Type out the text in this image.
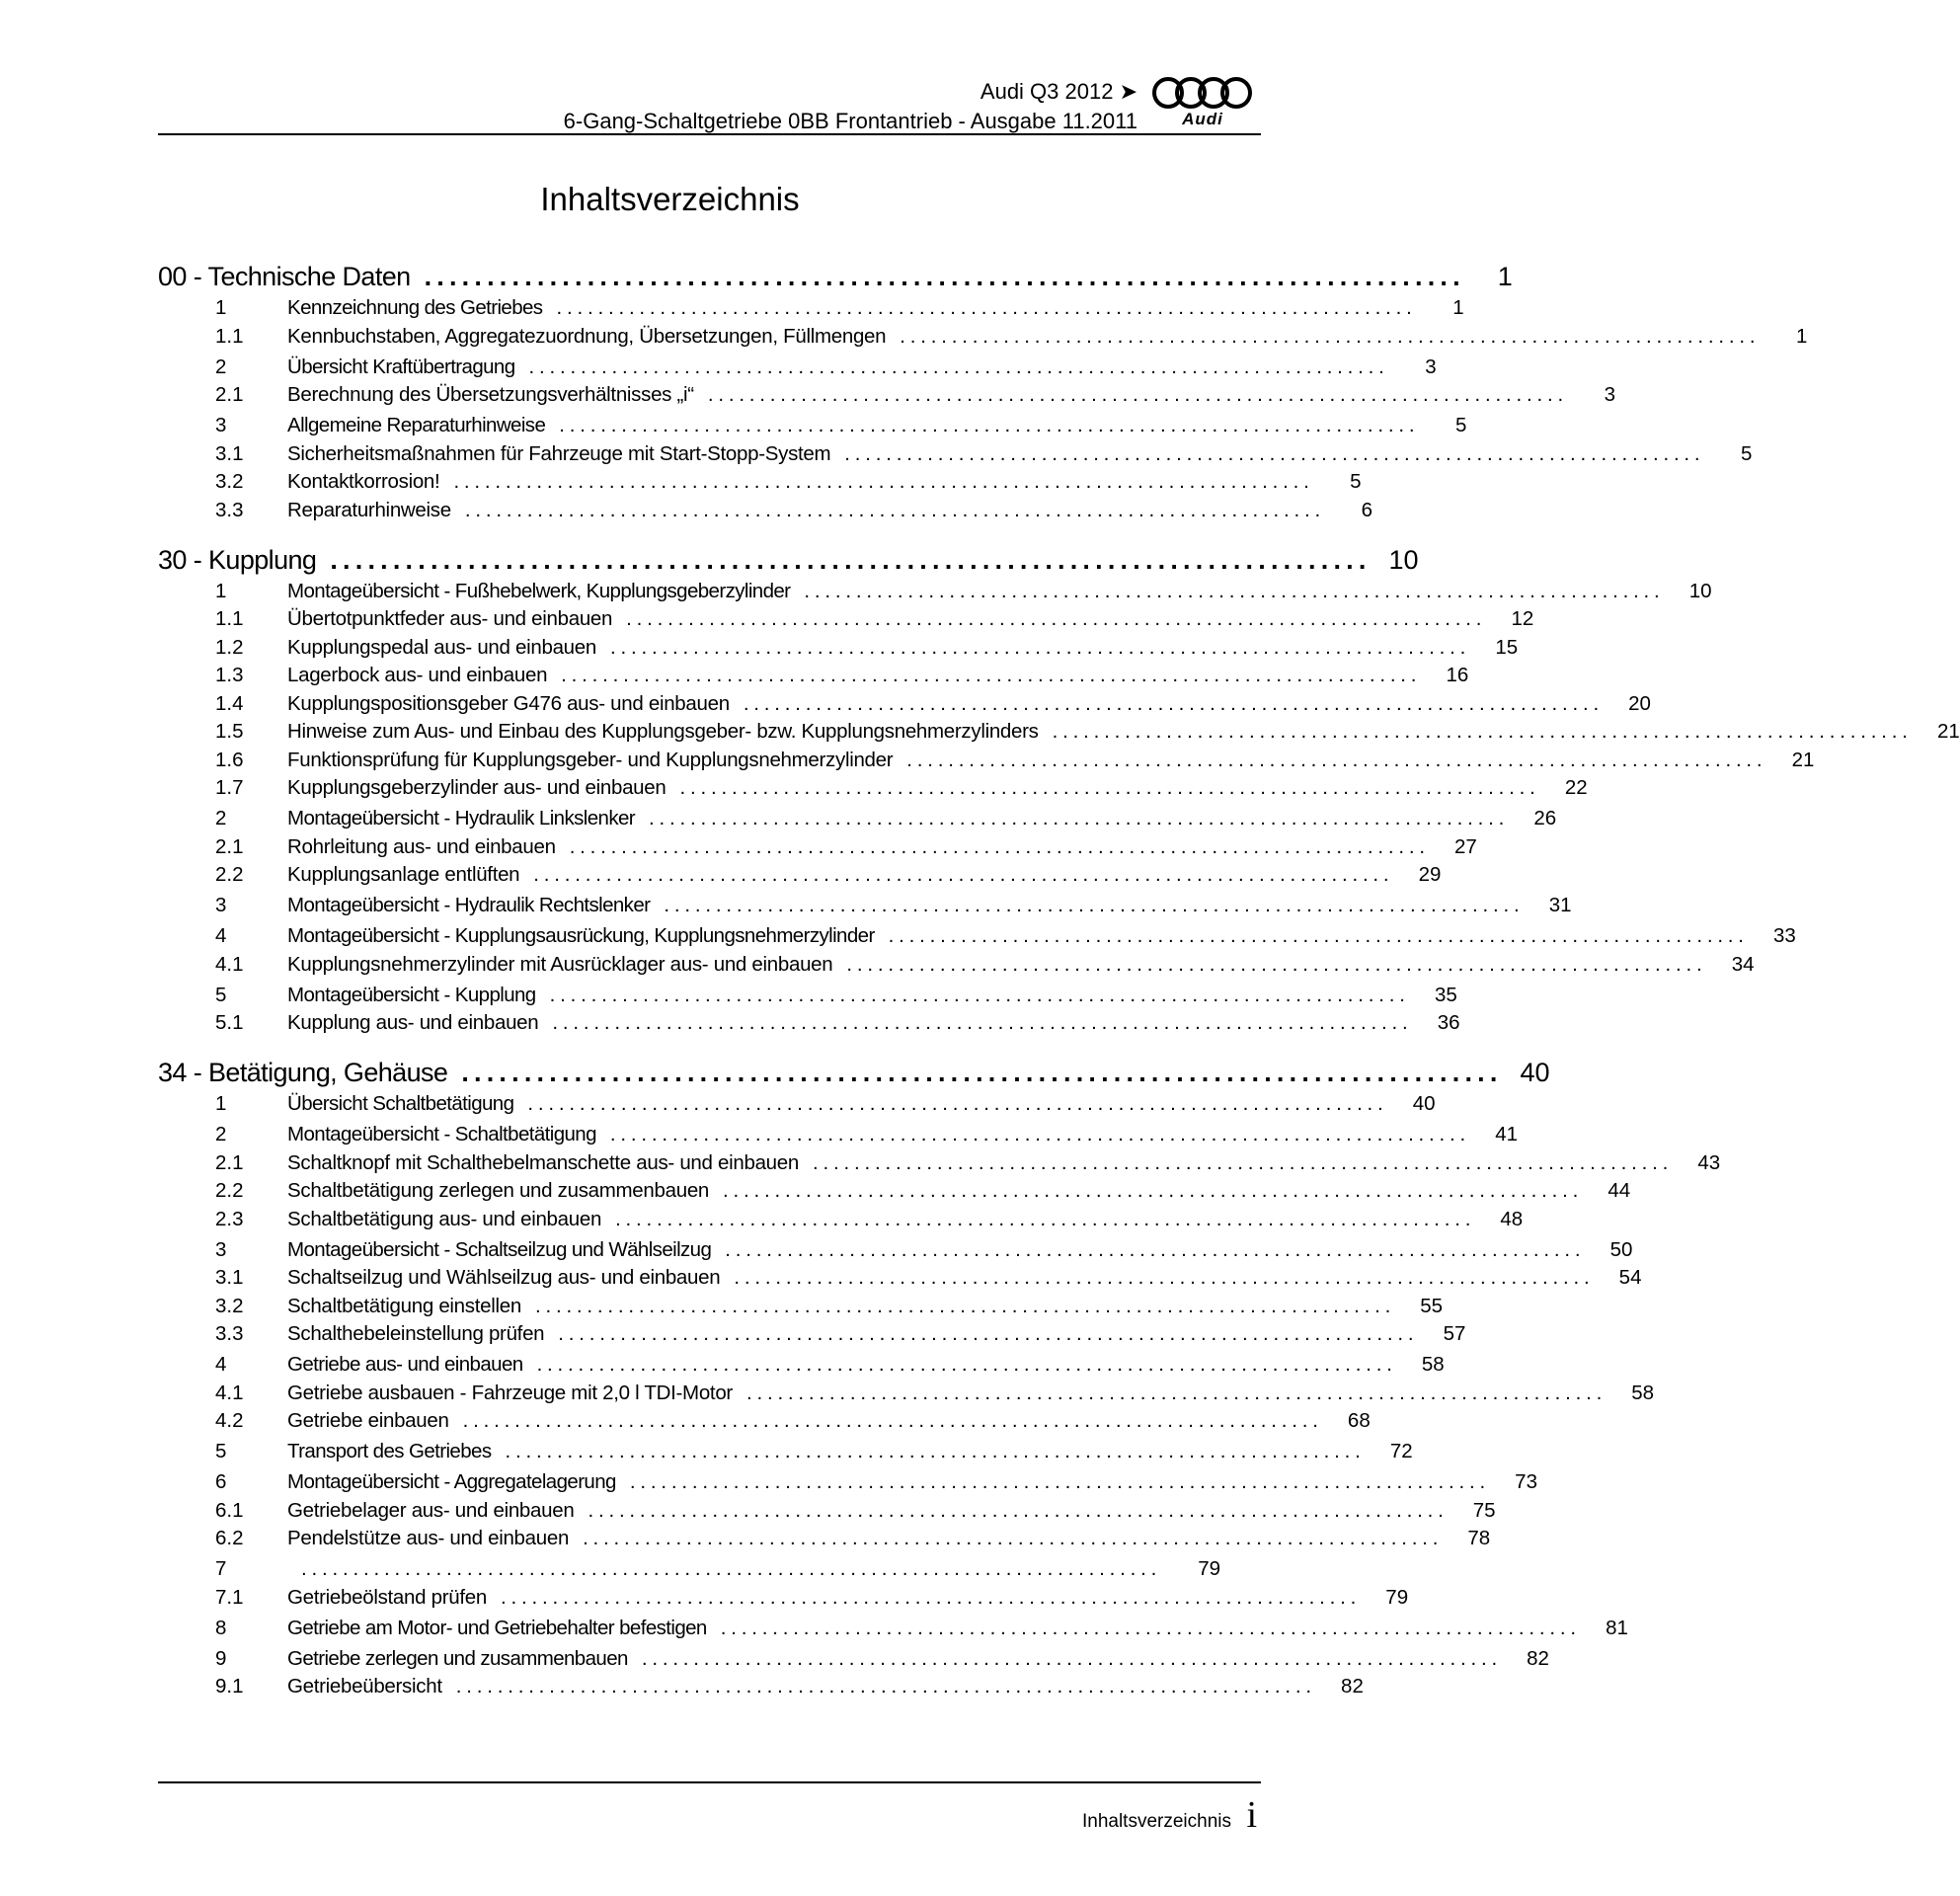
Audi Q3 2012 ➤
6-Gang-Schaltgetriebe 0BB Frontantrieb - Ausgabe 11.2011	Audi
Inhaltsverzeichnis
00 - Technische Daten ...................................................................................	1
1	Kennzeichnung des Getriebes ...................................................................................	1
1.1	Kennbuchstaben, Aggregatezuordnung, Übersetzungen, Füllmengen ...................................................................................	1
2	Übersicht Kraftübertragung ...................................................................................	3
2.1	Berechnung des Übersetzungsverhältnisses „i“ ...................................................................................	3
3	Allgemeine Reparaturhinweise ...................................................................................	5
3.1	Sicherheitsmaßnahmen für Fahrzeuge mit Start-Stopp-System ...................................................................................	5
3.2	Kontaktkorrosion! ...................................................................................	5
3.3	Reparaturhinweise ...................................................................................	6
30 - Kupplung ................................................................................... 10
1	Montageübersicht - Fußhebelwerk, Kupplungsgeberzylinder ...................................................................................	10
1.1	Übertotpunktfeder aus- und einbauen ...................................................................................	12
1.2	Kupplungspedal aus- und einbauen ...................................................................................	15
1.3	Lagerbock aus- und einbauen ...................................................................................	16
1.4	Kupplungspositionsgeber G476 aus- und einbauen ...................................................................................	20
1.5	Hinweise zum Aus- und Einbau des Kupplungsgeber- bzw. Kupplungsnehmerzylinders ...................................................................................	21
1.6	Funktionsprüfung für Kupplungsgeber- und Kupplungsnehmerzylinder ...................................................................................	21
1.7	Kupplungsgeberzylinder aus- und einbauen ...................................................................................	22
2	Montageübersicht - Hydraulik Linkslenker ...................................................................................	26
2.1	Rohrleitung aus- und einbauen ...................................................................................	27
2.2	Kupplungsanlage entlüften ...................................................................................	29
3	Montageübersicht - Hydraulik Rechtslenker ...................................................................................	31
4	Montageübersicht - Kupplungsausrückung, Kupplungsnehmerzylinder ...................................................................................	33
4.1	Kupplungsnehmerzylinder mit Ausrücklager aus- und einbauen ...................................................................................	34
5	Montageübersicht - Kupplung ...................................................................................	35
5.1	Kupplung aus- und einbauen ...................................................................................	36
34 - Betätigung, Gehäuse ................................................................................... 40
1	Übersicht Schaltbetätigung ...................................................................................	40
2	Montageübersicht - Schaltbetätigung ...................................................................................	41
2.1	Schaltknopf mit Schalthebelmanschette aus- und einbauen ...................................................................................	43
2.2	Schaltbetätigung zerlegen und zusammenbauen ...................................................................................	44
2.3	Schaltbetätigung aus- und einbauen ...................................................................................	48
3	Montageübersicht - Schaltseilzug und Wählseilzug ...................................................................................	50
3.1	Schaltseilzug und Wählseilzug aus- und einbauen ...................................................................................	54
3.2	Schaltbetätigung einstellen ...................................................................................	55
3.3	Schalthebeleinstellung prüfen ...................................................................................	57
4	Getriebe aus- und einbauen ...................................................................................	58
4.1	Getriebe ausbauen - Fahrzeuge mit 2,0 l TDI-Motor ...................................................................................	58
4.2	Getriebe einbauen ...................................................................................	68
5	Transport des Getriebes ...................................................................................	72
6	Montageübersicht - Aggregatelagerung ...................................................................................	73
6.1	Getriebelager aus- und einbauen ...................................................................................	75
6.2	Pendelstütze aus- und einbauen ...................................................................................	78
7	...................................................................................	79
7.1	Getriebeölstand prüfen ...................................................................................	79
8	Getriebe am Motor- und Getriebehalter befestigen ...................................................................................	81
9	Getriebe zerlegen und zusammenbauen ...................................................................................	82
9.1	Getriebeübersicht ...................................................................................	82
Inhaltsverzeichnis i
